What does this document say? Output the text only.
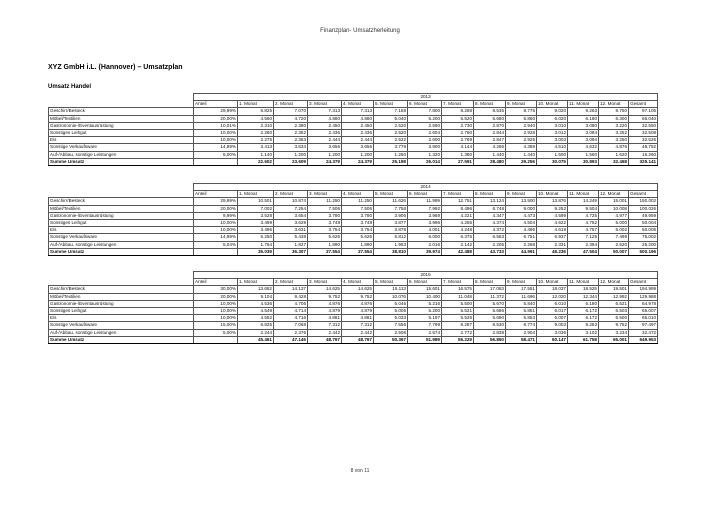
Finanzplan- Umsatzherleitung
XYZ GmbH i.L. (Hannover) – Umsatzplan
Umsatz Handel
	2013													
	Anteil	1. Monat	2. Monat	3. Monat	4. Monat	5. Monat	6. Monat	7. Monat	8. Monat	9. Monat	10. Monat	11. Monat	12. Monat	Gesamt
Geschirr/Besteck	29,99%	6.825	7.070	7.313	7.313	7.158	7.800	8.288	8.535	8.775	9.020	9.263	9.750	97.105
Möbel/Textilien	20,00%	4.560	4.720	4.880	4.880	5.040	5.200	5.520	5.680	5.860	6.020	6.180	6.300	65.040
Gastronomie-/Eventausrüstung	10,01%	2.310	2.380	2.450	2.450	2.520	2.590	2.730	2.870	2.940	3.010	3.080	3.220	32.550
Sonstiges Leihgut	10,00%	2.280	2.352	2.436	2.436	2.520	2.604	2.760	2.844	2.928	3.012	3.084	3.252	32.508
Eis	10,00%	2.275	2.353	2.444	2.444	2.522	2.600	2.769	2.847	2.925	3.003	3.094	3.250	32.526
Sonstige Verkaufsware	14,99%	3.413	3.534	3.656	3.656	3.778	3.900	4.144	4.266	4.388	4.510	4.632	4.876	48.752
Auf-/Abbau, sonstige Leistungen	5,00%	1.140	1.200	1.200	1.200	1.260	1.320	1.380	1.440	1.440	1.500	1.560	1.620	16.260
Summe Umsatz		22.602	23.609	24.379	24.379	25.198	26.014	27.591	28.480	29.256	30.075	30.893	32.468	325.141
	2014													
	Anteil	1. Monat	2. Monat	3. Monat	4. Monat	5. Monat	6. Monat	7. Monat	8. Monat	9. Monat	10. Monat	11. Monat	12. Monat	Gesamt
Geschirr/Besteck	29,99%	10.501	10.874	11.250	11.250	11.626	11.999	12.751	13.124	13.500	13.876	14.249	15.001	150.002
Möbel/Textilien	20,00%	7.002	7.254	7.506	7.506	7.758	7.992	8.496	8.748	9.000	9.252	9.504	10.008	100.026
Gastronomie-/Eventausrüstung	9,99%	3.528	3.654	3.780	3.780	3.906	3.969	4.221	4.347	4.473	4.599	4.725	4.977	49.959
Sonstiges Leihgut	10,00%	3.499	3.629	3.748	3.748	3.877	3.996	4.255	4.374	4.504	4.622	4.752	5.000	50.004
Eis	10,00%	3.495	3.631	3.754	3.754	3.878	4.001	4.248	4.372	4.495	4.619	4.757	5.002	50.005
Sonstige Verkaufsware	14,99%	5.250	5.438	5.626	5.626	5.812	6.000	6.375	6.563	6.751	6.937	7.125	7.499	75.002
Auf-/Abbau, sonstige Leistungen	5,04%	1.764	1.827	1.890	1.890	1.953	2.016	2.142	2.205	2.268	2.331	2.394	2.520	25.200
Summe Umsatz		35.039	36.307	37.554	37.554	38.810	39.974	42.488	43.733	44.991	46.236	47.504	50.007	500.196
	2015													
	Anteil	1. Monat	2. Monat	3. Monat	4. Monat	5. Monat	6. Monat	7. Monat	8. Monat	9. Monat	10. Monat	11. Monat	12. Monat	Gesamt
Geschirr/Besteck	30,00%	13.652	14.137	14.625	14.625	15.113	15.601	16.575	17.063	17.551	18.037	18.525	19.501	194.999
Möbel/Textilien	20,00%	9.104	9.428	9.752	9.752	10.076	10.400	11.048	11.372	11.696	12.020	12.344	12.992	129.988
Gastronomie-/Eventausrüstung	10,00%	4.536	4.706	4.876	4.876	5.046	5.216	5.500	5.670	5.840	6.010	6.180	6.521	64.978
Sonstiges Leihgut	10,00%	4.549	4.714	4.879	4.879	5.005	5.200	5.521	5.686	5.851	6.017	6.172	6.503	65.007
Eis	10,00%	4.552	4.716	4.881	4.881	5.033	5.197	5.526	5.690	5.853	6.007	6.172	6.500	65.010
Sonstige Verkaufsware	15,00%	6.825	7.068	7.312	7.312	7.556	7.799	8.287	8.530	8.774	9.003	9.263	9.752	97.497
Auf-/Abbau, sonstige Leistungen	5,00%	2.244	2.376	2.442	2.442	2.508	2.574	2.772	2.838	2.904	3.036	3.102	3.234	32.472
Summe Umsatz		45.461	47.146	48.767	48.767	50.367	51.989	55.229	56.850	58.471	60.147	61.758	65.001	649.953
8 von 11
